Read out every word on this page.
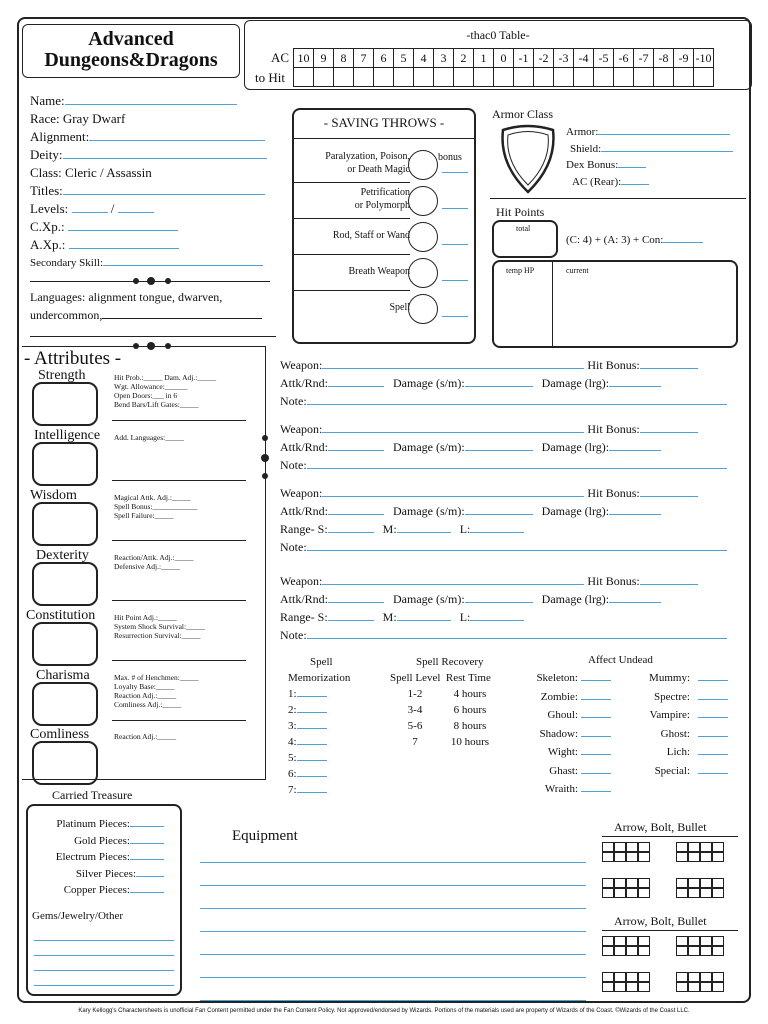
Advanced
Dungeons&Dragons
-thac0 Table-
AC
to Hit
10	9	8	7	6	5	4	3	2	1	0	-1	-2	-3	-4	-5	-6	-7	-8	-9	-10

Name:
Race: Gray Dwarf
Alignment:
Deity:
Class: Cleric / Assassin
Titles:
Levels:	/
C.Xp.:
A.Xp.:
Secondary Skill:
Languages: alignment tongue, dwarven,
undercommon,
- SAVING THROWS -
bonus
Paralyzation, Poison,
or Death Magic
Petrification
or Polymorph
Rod, Staff or Wand
Breath Weapon
Spell
Armor Class
Armor:
Shield:
Dex Bonus:
AC (Rear):
Hit Points
total
(C: 4) + (A: 3) + Con:
temp HP	current
- Attributes -
Strength	Hit Prob.:_____ Dam. Adj.:_____
Wgt. Allowance:______
Open Doors:___ in 6
Bend Bars/Lift Gates:_____
Intelligence Add. Languages:_____
Wisdom	Magical Attk. Adj.:_____
Spell Bonus:____________
Spell Failure:_____
Dexterity	Reaction/Attk. Adj.:_____
Defensive Adj.:_____
Constitution	Hit Point Adj.:_____
System Shock Survival:_____
Resurrection Survival:_____
Charisma	Max. # of Henchmen:_____
Loyalty Base:_____
Reaction Adj.:_____
Comliness Adj.:_____
Comliness	Reaction Adj.:_____
Weapon:	Hit Bonus:
Attk/Rnd:	Damage (s/m):	Damage (lrg):
Note:
Weapon:	Hit Bonus:
Attk/Rnd:	Damage (s/m):	Damage (lrg):
Note:
Weapon:	Hit Bonus:
Attk/Rnd:	Damage (s/m):	Damage (lrg):
Range- S:	M:	L:
Note:
Weapon:	Hit Bonus:
Attk/Rnd:	Damage (s/m):	Damage (lrg):
Range- S:	M:	L:
Note:
Spell
Memorization
1:
2:
3:
4:
5:
6:
7:
Spell Recovery
Spell Level Rest Time
1-2	4 hours
3-4	6 hours
5-6	8 hours
7	10 hours
Affect Undead
Skeleton:
Zombie:
Ghoul:
Shadow:
Wight:
Ghast:
Wraith:
Mummy:
Spectre:
Vampire:
Ghost:
Lich:
Special:
Carried Treasure
Platinum Pieces:
Gold Pieces:
Electrum Pieces:
Silver Pieces:
Copper Pieces:
Gems/Jewelry/Other
Equipment
Arrow, Bolt, Bullet
Arrow, Bolt, Bullet
Kary Kellogg's Charactersheets is unofficial Fan Content permitted under the Fan Content Policy. Not approved/endorsed by Wizards. Portions of the materials used are property of Wizards of the Coast. ©Wizards of the Coast LLC.
